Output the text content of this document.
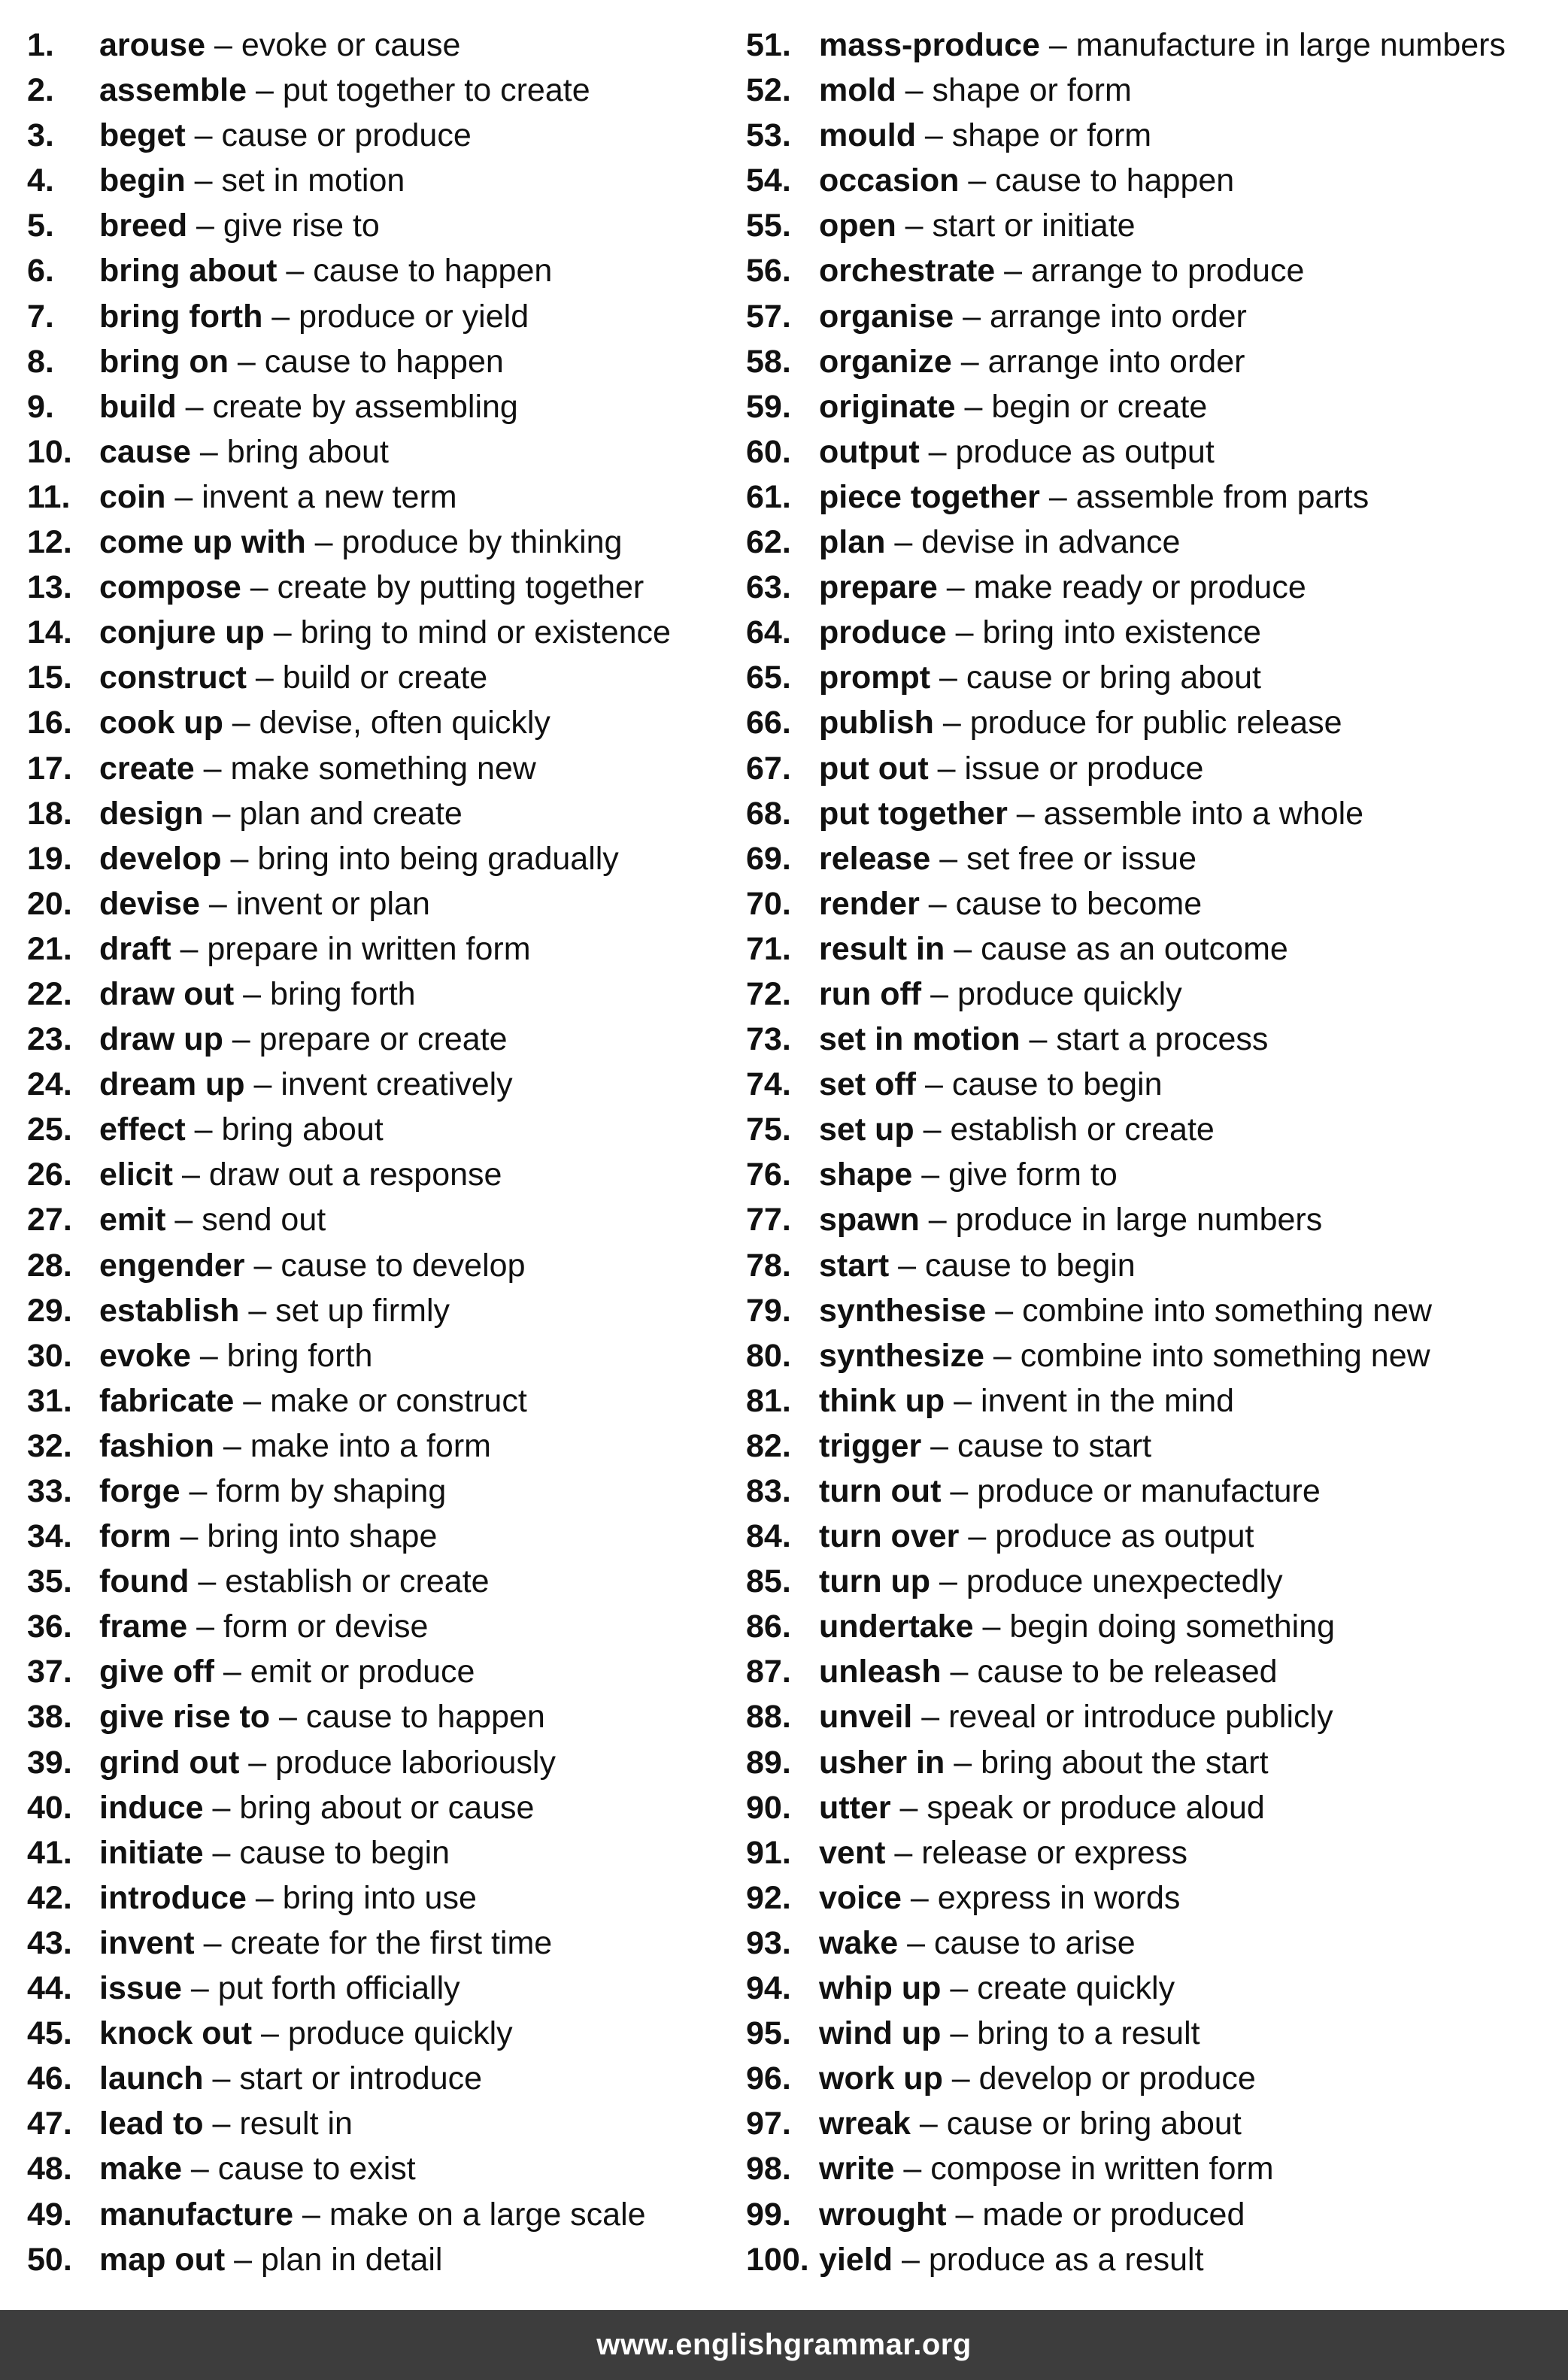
1. arouse – evoke or cause
2. assemble – put together to create
3. beget – cause or produce
4. begin – set in motion
5. breed – give rise to
6. bring about – cause to happen
7. bring forth – produce or yield
8. bring on – cause to happen
9. build – create by assembling
10. cause – bring about
11. coin – invent a new term
12. come up with – produce by thinking
13. compose – create by putting together
14. conjure up – bring to mind or existence
15. construct – build or create
16. cook up – devise, often quickly
17. create – make something new
18. design – plan and create
19. develop – bring into being gradually
20. devise – invent or plan
21. draft – prepare in written form
22. draw out – bring forth
23. draw up – prepare or create
24. dream up – invent creatively
25. effect – bring about
26. elicit – draw out a response
27. emit – send out
28. engender – cause to develop
29. establish – set up firmly
30. evoke – bring forth
31. fabricate – make or construct
32. fashion – make into a form
33. forge – form by shaping
34. form – bring into shape
35. found – establish or create
36. frame – form or devise
37. give off – emit or produce
38. give rise to – cause to happen
39. grind out – produce laboriously
40. induce – bring about or cause
41. initiate – cause to begin
42. introduce – bring into use
43. invent – create for the first time
44. issue – put forth officially
45. knock out – produce quickly
46. launch – start or introduce
47. lead to – result in
48. make – cause to exist
49. manufacture – make on a large scale
50. map out – plan in detail
51. mass-produce – manufacture in large numbers
52. mold – shape or form
53. mould – shape or form
54. occasion – cause to happen
55. open – start or initiate
56. orchestrate – arrange to produce
57. organise – arrange into order
58. organize – arrange into order
59. originate – begin or create
60. output – produce as output
61. piece together – assemble from parts
62. plan – devise in advance
63. prepare – make ready or produce
64. produce – bring into existence
65. prompt – cause or bring about
66. publish – produce for public release
67. put out – issue or produce
68. put together – assemble into a whole
69. release – set free or issue
70. render – cause to become
71. result in – cause as an outcome
72. run off – produce quickly
73. set in motion – start a process
74. set off – cause to begin
75. set up – establish or create
76. shape – give form to
77. spawn – produce in large numbers
78. start – cause to begin
79. synthesise – combine into something new
80. synthesize – combine into something new
81. think up – invent in the mind
82. trigger – cause to start
83. turn out – produce or manufacture
84. turn over – produce as output
85. turn up – produce unexpectedly
86. undertake – begin doing something
87. unleash – cause to be released
88. unveil – reveal or introduce publicly
89. usher in – bring about the start
90. utter – speak or produce aloud
91. vent – release or express
92. voice – express in words
93. wake – cause to arise
94. whip up – create quickly
95. wind up – bring to a result
96. work up – develop or produce
97. wreak – cause or bring about
98. write – compose in written form
99. wrought – made or produced
100. yield – produce as a result
www.englishgrammar.org
